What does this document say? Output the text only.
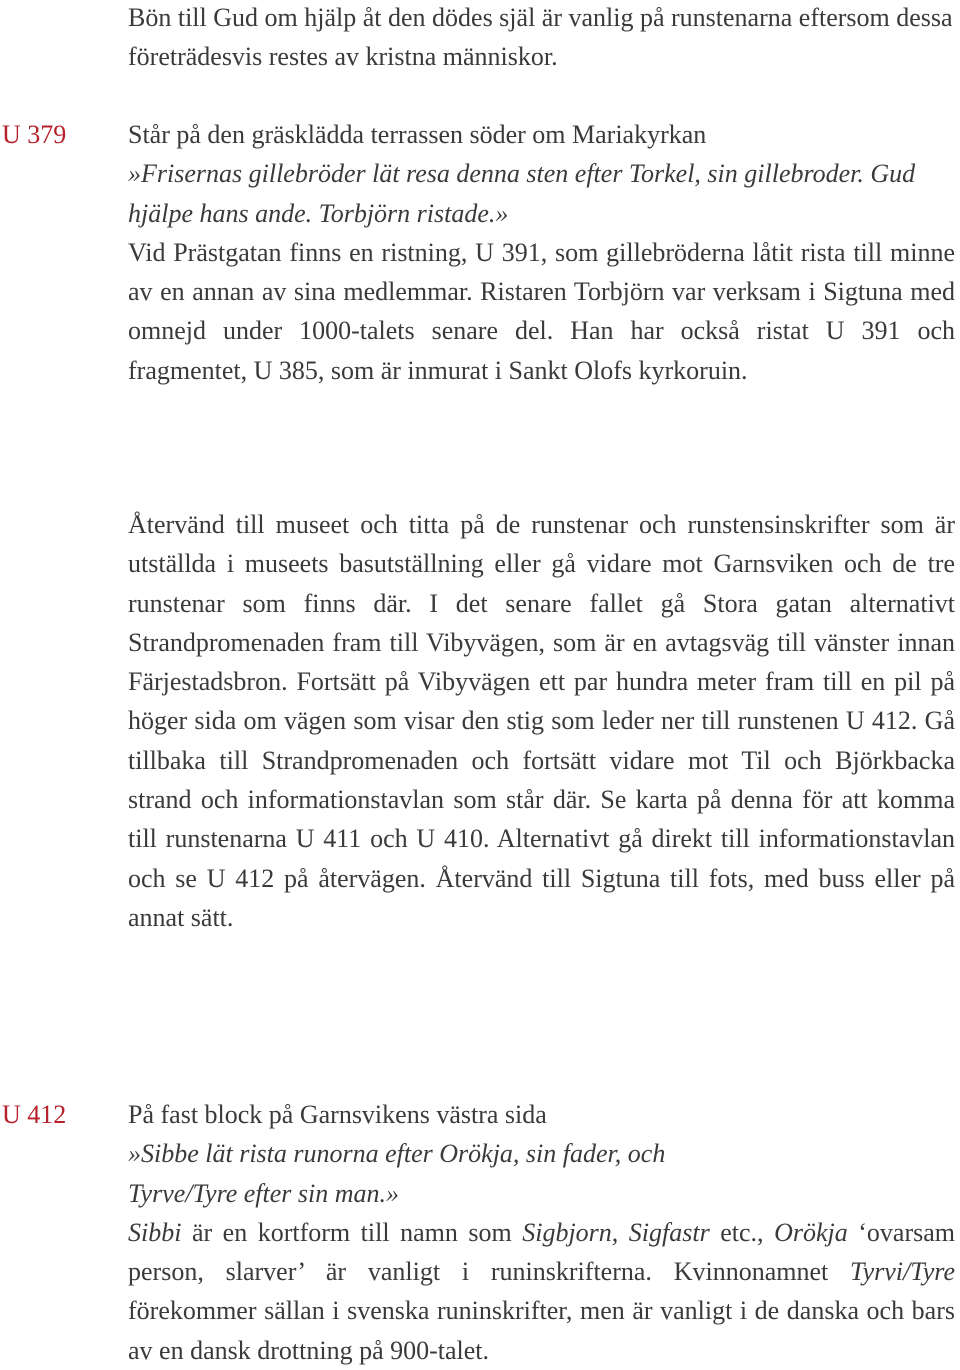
Bön till Gud om hjälp åt den dödes själ är vanlig på runstenarna eftersom dessa företrädesvis restes av kristna människor.

U 379 Står på den gräsklädda terrassen söder om Mariakyrkan

»Frisernas gillebröder lät resa denna sten efter Torkel, sin gillebroder. Gud hjälpe hans ande. Torbjörn ristade.»

Vid Prästgatan finns en ristning, U 391, som gillebröderna låtit rista till minne av en annan av sina medlemmar. Ristaren Torbjörn var verksam i Sigtuna med omnejd under 1000-talets senare del. Han har också ristat U 391 och fragmentet, U 385, som är inmurat i Sankt Olofs kyrkoruin.

Återvänd till museet och titta på de runstenar och runstensinskrifter som är utställda i museets basutställning eller gå vidare mot Garnsviken och de tre runstenar som finns där. I det senare fallet gå Stora gatan alternativt Strandpromenaden fram till Vibyvägen, som är en avtagsväg till vänster innan Färjestadsbron. Fortsätt på Vibyvägen ett par hundra meter fram till en pil på höger sida om vägen som visar den stig som leder ner till runstenen U 412. Gå tillbaka till Strandpromenaden och fortsätt vidare mot Til och Björkbacka strand och informationstavlan som står där. Se karta på denna för att komma till runstenarna U 411 och U 410. Alternativt gå direkt till informationstavlan och se U 412 på återvägen. Återvänd till Sigtuna till fots, med buss eller på annat sätt.

U 412 På fast block på Garnsvikens västra sida

»Sibbe lät rista runorna efter Orökja, sin fader, och
Tyrve/Tyre efter sin man.»

Sibbi är en kortform till namn som Sigbjorn, Sigfastr etc., Orökja ‘ovarsam person, slarver’ är vanligt i runinskrifterna. Kvinnonamnet Tyrvi/Tyre förekommer sällan i svenska runinskrifter, men är vanligt i de danska och bars av en dansk drottning på 900-talet.
